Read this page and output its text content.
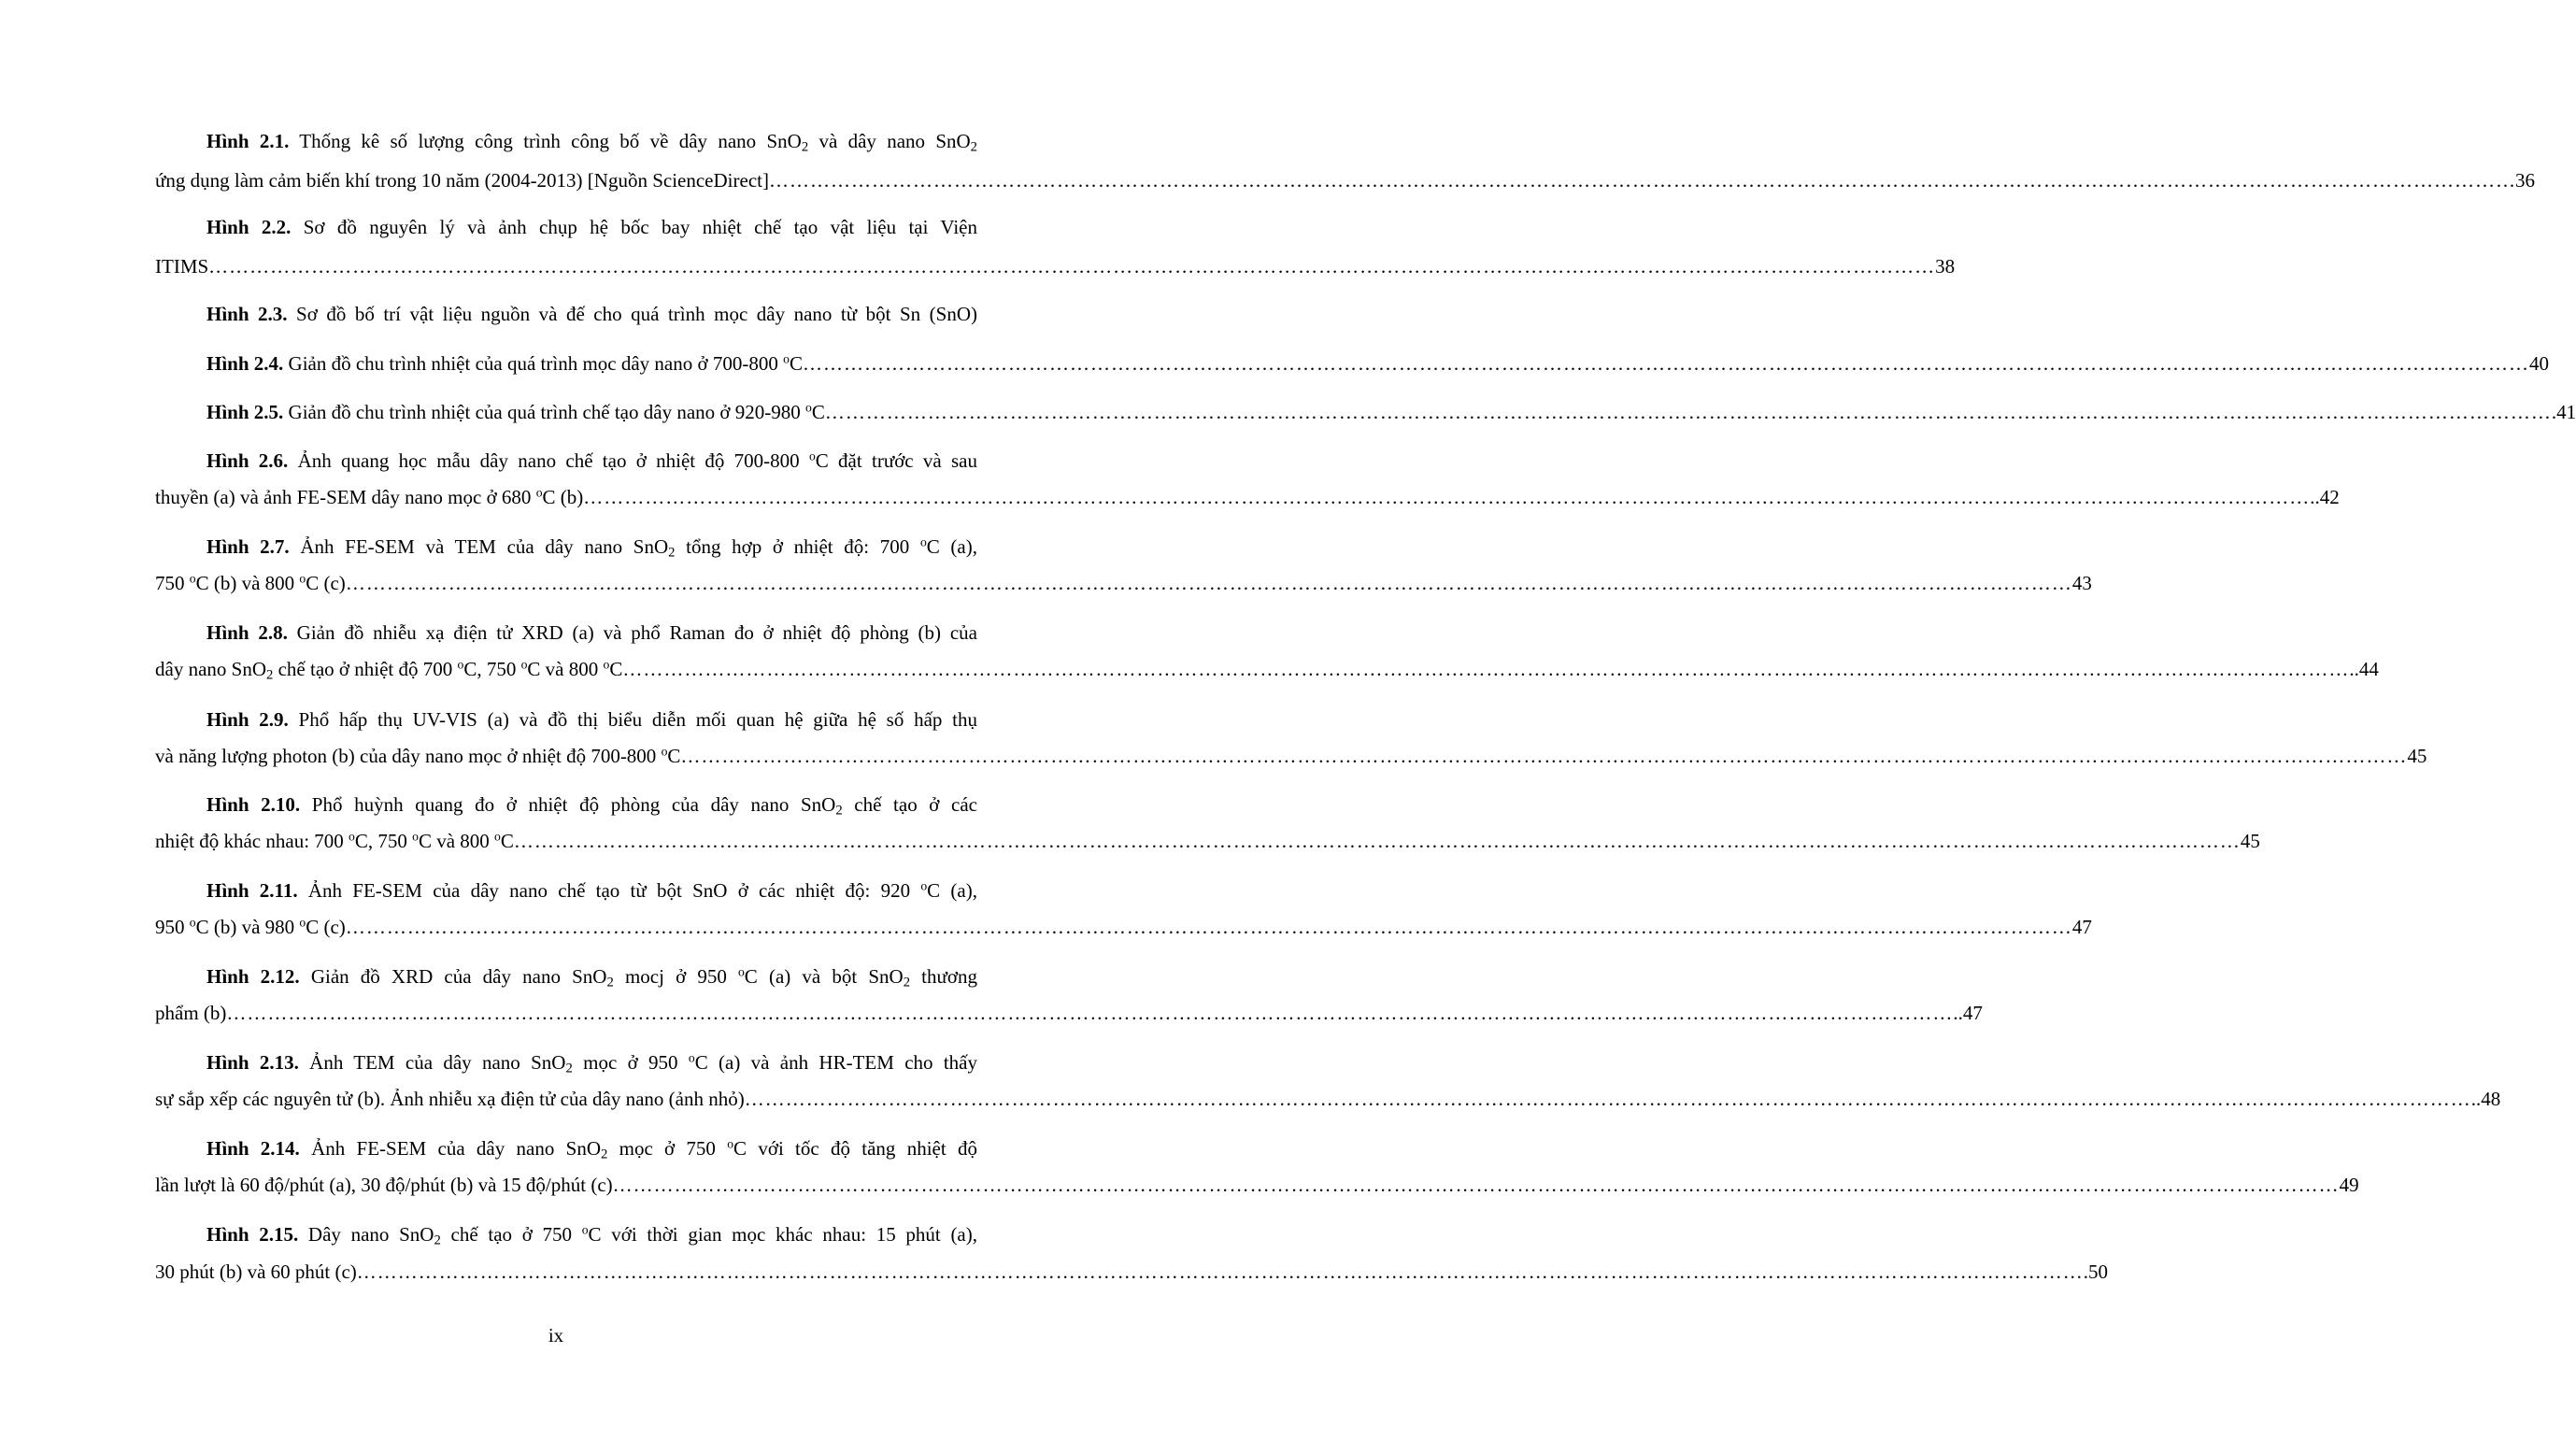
Hình 2.1. Thống kê số lượng công trình công bố về dây nano SnO$_2$ và dây nano SnO$_2$
ứng dụng làm cảm biến khí trong 10 năm (2004-2013) [Nguồn ScienceDirect] ……………………………………………………………………………………………………………………………………………………………………………………………………………………………… …36
Hình 2.2. Sơ đồ nguyên lý và ảnh chụp hệ bốc bay nhiệt chế tạo vật liệu tại Viện
ITIMS ……………………………………………………………………………………………………………………………………………………………………………………………………………………………… 38
Hình 2.3. Sơ đồ bố trí vật liệu nguồn và đế cho quá trình mọc dây nano từ bột Sn (SnO)
Hình 2.4. Giản đồ chu trình nhiệt của quá trình mọc dây nano ở 700-800 $^o$C ……………………………………………………………………………………………………………………………………………………………………………………………………………………………… 40
Hình 2.5. Giản đồ chu trình nhiệt của quá trình chế tạo dây nano ở 920-980 $^o$C ……………………………………………………………………………………………………………………………………………………………………………………………………………………………… .41
Hình 2.6. Ảnh quang học mẫu dây nano chế tạo ở nhiệt độ 700-800 $^o$C đặt trước và sau
thuyền (a) và ảnh FE-SEM dây nano mọc ở 680 $^o$C (b) ……………………………………………………………………………………………………………………………………………………………………………………………………………………………… ..42
Hình 2.7. Ảnh FE-SEM và TEM của dây nano SnO$_2$ tổng hợp ở nhiệt độ: 700 $^o$C (a),
750 $^o$C (b) và 800 $^o$C (c) ……………………………………………………………………………………………………………………………………………………………………………………………………………………………… 43
Hình 2.8. Giản đồ nhiễu xạ điện tử XRD (a) và phổ Raman đo ở nhiệt độ phòng (b) của
dây nano SnO$_2$ chế tạo ở nhiệt độ 700 $^o$C, 750 $^o$C và 800 $^o$C ……………………………………………………………………………………………………………………………………………………………………………………………………………………………… ..44
Hình 2.9. Phổ hấp thụ UV-VIS (a) và đồ thị biểu diễn mối quan hệ giữa hệ số hấp thụ
và năng lượng photon (b) của dây nano mọc ở nhiệt độ 700-800 $^o$C ……………………………………………………………………………………………………………………………………………………………………………………………………………………………… 45
Hình 2.10. Phổ huỳnh quang đo ở nhiệt độ phòng của dây nano SnO$_2$ chế tạo ở các
nhiệt độ khác nhau: 700 $^o$C, 750 $^o$C và 800 $^o$C ……………………………………………………………………………………………………………………………………………………………………………………………………………………………… 45
Hình 2.11. Ảnh FE-SEM của dây nano chế tạo từ bột SnO ở các nhiệt độ: 920 $^o$C (a),
950 $^o$C (b) và 980 $^o$C (c) ……………………………………………………………………………………………………………………………………………………………………………………………………………………………… 47
Hình 2.12. Giản đồ XRD của dây nano SnO$_2$ mocj ở 950 $^o$C (a) và bột SnO$_2$ thương
phẩm (b) ……………………………………………………………………………………………………………………………………………………………………………………………………………………………… ..47
Hình 2.13. Ảnh TEM của dây nano SnO$_2$ mọc ở 950 $^o$C (a) và ảnh HR-TEM cho thấy
sự sắp xếp các nguyên tử (b). Ảnh nhiễu xạ điện tử của dây nano (ảnh nhỏ) ……………………………………………………………………………………………………………………………………………………………………………………………………………………………… ..48
Hình 2.14. Ảnh FE-SEM của dây nano SnO$_2$ mọc ở 750 $^o$C với tốc độ tăng nhiệt độ
lần lượt là 60 độ/phút (a), 30 độ/phút (b) và 15 độ/phút (c) ……………………………………………………………………………………………………………………………………………………………………………………………………………………………… 49
Hình 2.15. Dây nano SnO$_2$ chế tạo ở 750 $^o$C với thời gian mọc khác nhau: 15 phút (a),
30 phút (b) và 60 phút (c) ……………………………………………………………………………………………………………………………………………………………………………………………………………………………… .50
ix
